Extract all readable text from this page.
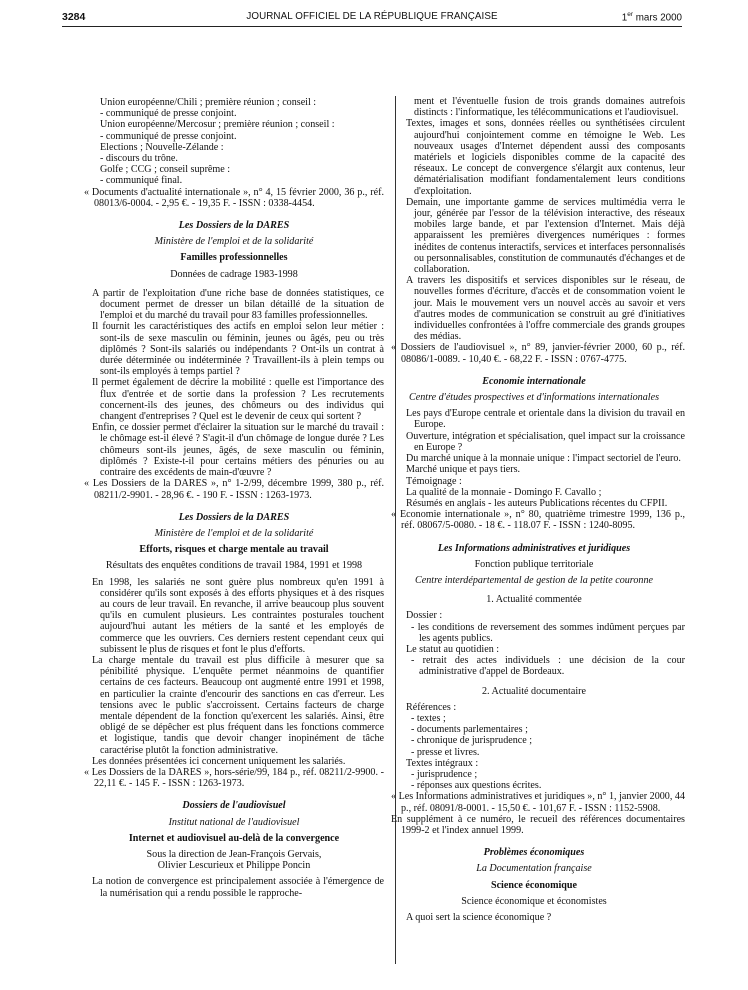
3284	JOURNAL OFFICIEL DE LA RÉPUBLIQUE FRANÇAISE	1er mars 2000

Union européenne/Chili ; première réunion ; conseil :

- communiqué de presse conjoint.

Union européenne/Mercosur ; première réunion ; conseil :

- communiqué de presse conjoint.

Elections ; Nouvelle-Zélande :

- discours du trône.

Golfe ; CCG ; conseil suprême :

- communiqué final.

« Documents d'actualité internationale », n° 4, 15 février 2000, 36 p., réf. 08013/6-0004. - 2,95 €. - 19,35 F. - ISSN : 0338-4454.

Les Dossiers de la DARES

Ministère de l'emploi et de la solidarité

Familles professionnelles

Données de cadrage 1983-1998

A partir de l'exploitation d'une riche base de données statistiques, ce document permet de dresser un bilan détaillé de la situation de l'emploi et du marché du travail pour 83 familles professionnelles.

Il fournit les caractéristiques des actifs en emploi selon leur métier : sont-ils de sexe masculin ou féminin, jeunes ou âgés, peu ou très diplômés ? Sont-ils salariés ou indépendants ? Ont-ils un contrat à durée déterminée ou indéterminée ? Travaillent-ils à plein temps ou sont-ils employés à temps partiel ?

Il permet également de décrire la mobilité : quelle est l'importance des flux d'entrée et de sortie dans la profession ? Les recrutements concernent-ils des jeunes, des chômeurs ou des individus qui changent d'entreprises ? Quel est le devenir de ceux qui sortent ?

Enfin, ce dossier permet d'éclairer la situation sur le marché du travail : le chômage est-il élevé ? S'agit-il d'un chômage de longue durée ? Les chômeurs sont-ils jeunes, âgés, de sexe masculin ou féminin, diplômés ? Existe-t-il pour certains métiers des pénuries ou au contraire des excédents de main-d'œuvre ?

« Les Dossiers de la DARES », n° 1-2/99, décembre 1999, 380 p., réf. 08211/2-9901. - 28,96 €. - 190 F. - ISSN : 1263-1973.

Les Dossiers de la DARES

Ministère de l'emploi et de la solidarité

Efforts, risques et charge mentale au travail

Résultats des enquêtes conditions de travail 1984, 1991 et 1998

En 1998, les salariés ne sont guère plus nombreux qu'en 1991 à considérer qu'ils sont exposés à des efforts physiques et à des risques au cours de leur travail. En revanche, il arrive beaucoup plus souvent qu'ils en cumulent plusieurs. Les contraintes posturales touchent aujourd'hui autant les métiers de la santé et les employés de commerce que les ouvriers. Ces derniers restent cependant ceux qui subissent le plus de risques et font le plus d'efforts.

La charge mentale du travail est plus difficile à mesurer que sa pénibilité physique. L'enquête permet néanmoins de quantifier certains de ces facteurs. Beaucoup ont augmenté entre 1991 et 1998, en particulier la crainte d'encourir des sanctions en cas d'erreur. Les tensions avec le public s'accroissent. Certains facteurs de charge mentale dépendent de la fonction qu'exercent les salariés. Ainsi, être obligé de se dépêcher est plus fréquent dans les fonctions commerce et logistique, tandis que devoir changer inopinément de tâche caractérise plutôt la fonction administrative.

Les données présentées ici concernent uniquement les salariés.

« Les Dossiers de la DARES », hors-série/99, 184 p., réf. 08211/2-9900. - 22,11 €. - 145 F. - ISSN : 1263-1973.

Dossiers de l'audiovisuel

Institut national de l'audiovisuel

Internet et audiovisuel au-delà de la convergence

Sous la direction de Jean-François Gervais,

Olivier Lescurieux et Philippe Poncin

La notion de convergence est principalement associée à l'émergence de la numérisation qui a rendu possible le rapproche-

ment et l'éventuelle fusion de trois grands domaines autrefois distincts : l'informatique, les télécommunications et l'audiovisuel.

Textes, images et sons, données réelles ou synthétisées circulent aujourd'hui conjointement comme en témoigne le Web. Les nouveaux usages d'Internet dépendent aussi des composants matériels et logiciels disponibles comme de la capacité des réseaux. Le concept de convergence s'élargit aux contenus, leur dématérialisation modifiant fondamentalement leurs conditions d'exploitation.

Demain, une importante gamme de services multimédia verra le jour, générée par l'essor de la télévision interactive, des réseaux mobiles large bande, et par l'extension d'Internet. Mais déjà apparaissent les premières divergences numériques : formes inédites de contenus interactifs, services et interfaces personnalisés ou personnalisables, constitution de communautés d'échanges et de collaboration.

A travers les dispositifs et services disponibles sur le réseau, de nouvelles formes d'écriture, d'accès et de consommation voient le jour. Mais le mouvement vers un nouvel accès au savoir et vers d'autres modes de communication se construit au gré d'initiatives individuelles confrontées à l'offre commerciale des grands groupes des médias.

« Dossiers de l'audiovisuel », n° 89, janvier-février 2000, 60 p., réf. 08086/1-0089. - 10,40 €. - 68,22 F. - ISSN : 0767-4775.

Economie internationale

Centre d'études prospectives et d'informations internationales

Les pays d'Europe centrale et orientale dans la division du travail en Europe.

Ouverture, intégration et spécialisation, quel impact sur la croissance en Europe ?

Du marché unique à la monnaie unique : l'impact sectoriel de l'euro.

Marché unique et pays tiers.

Témoignage :

La qualité de la monnaie - Domingo F. Cavallo ;

Résumés en anglais - les auteurs Publications récentes du CFPII.

« Economie internationale », n° 80, quatrième trimestre 1999, 136 p., réf. 08067/5-0080. - 18 €. - 118.07 F. - ISSN : 1240-8095.

Les Informations administratives et juridiques

Fonction publique territoriale

Centre interdépartemental de gestion de la petite couronne

1. Actualité commentée

Dossier :

- les conditions de reversement des sommes indûment perçues par les agents publics.

Le statut au quotidien :

- retrait des actes individuels : une décision de la cour administrative d'appel de Bordeaux.

2. Actualité documentaire

Références :

- textes ;

- documents parlementaires ;

- chronique de jurisprudence ;

- presse et livres.

Textes intégraux :

- jurisprudence ;

- réponses aux questions écrites.

« Les Informations administratives et juridiques », n° 1, janvier 2000, 44 p., réf. 08091/8-0001. - 15,50 €. - 101,67 F. - ISSN : 1152-5908.

En supplément à ce numéro, le recueil des références documentaires 1999-2 et l'index annuel 1999.

Problèmes économiques

La Documentation française

Science économique

Science économique et économistes

A quoi sert la science économique ?
